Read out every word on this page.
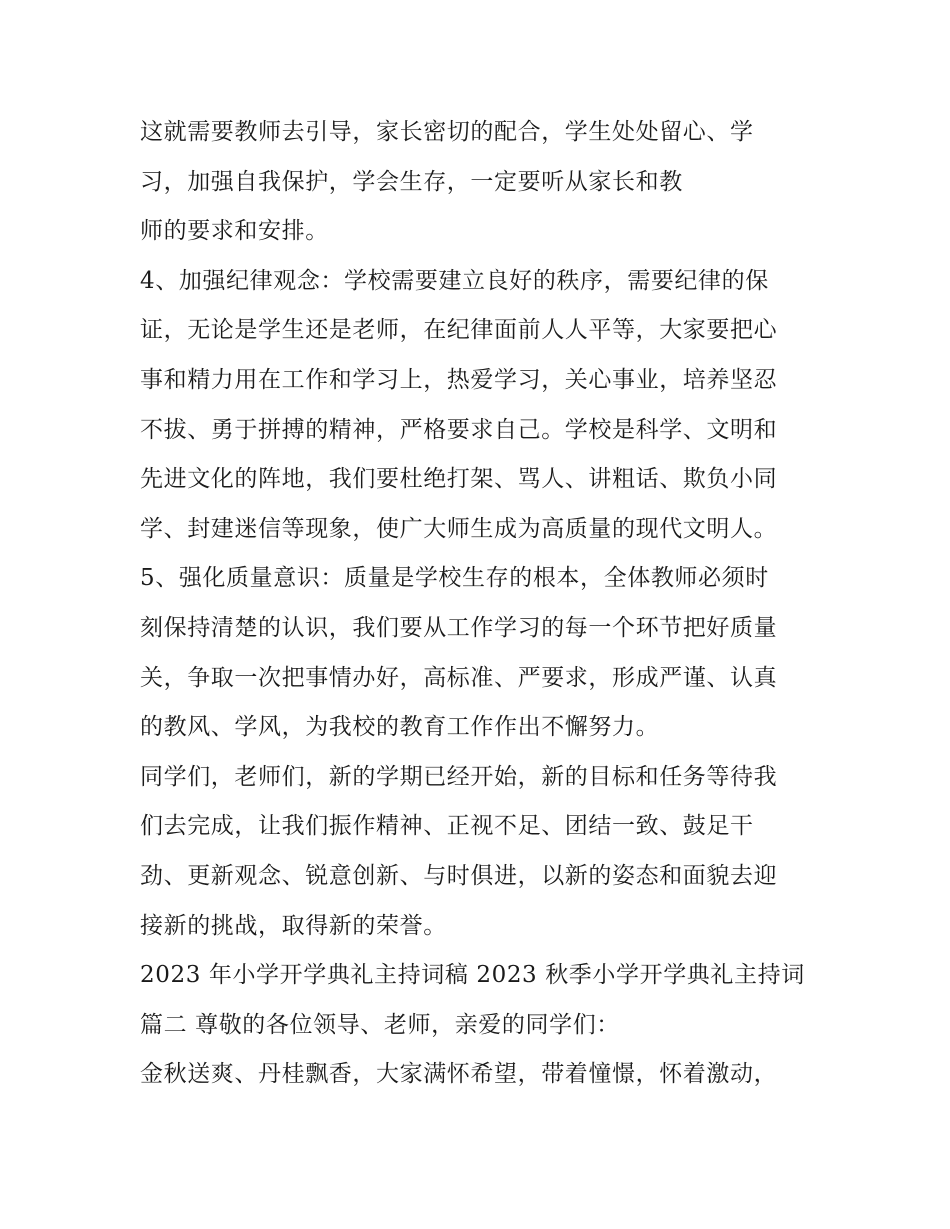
这就需要教师去引导，家长密切的配合，学生处处留心、学
习，加强自我保护，学会生存，一定要听从家长和教
师的要求和安排。
4、加强纪律观念：学校需要建立良好的秩序，需要纪律的保
证，无论是学生还是老师，在纪律面前人人平等，大家要把心
事和精力用在工作和学习上，热爱学习，关心事业，培养坚忍
不拔、勇于拼搏的精神，严格要求自己。学校是科学、文明和
先进文化的阵地，我们要杜绝打架、骂人、讲粗话、欺负小同
学、封建迷信等现象，使广大师生成为高质量的现代文明人。
5、强化质量意识：质量是学校生存的根本，全体教师必须时
刻保持清楚的认识，我们要从工作学习的每一个环节把好质量
关，争取一次把事情办好，高标准、严要求，形成严谨、认真
的教风、学风，为我校的教育工作作出不懈努力。
同学们，老师们，新的学期已经开始，新的目标和任务等待我
们去完成，让我们振作精神、正视不足、团结一致、鼓足干
劲、更新观念、锐意创新、与时俱进，以新的姿态和面貌去迎
接新的挑战，取得新的荣誉。
2023 年小学开学典礼主持词稿 2023 秋季小学开学典礼主持词
篇二 尊敬的各位领导、老师，亲爱的同学们：
金秋送爽、丹桂飘香，大家满怀希望，带着憧憬，怀着激动，
